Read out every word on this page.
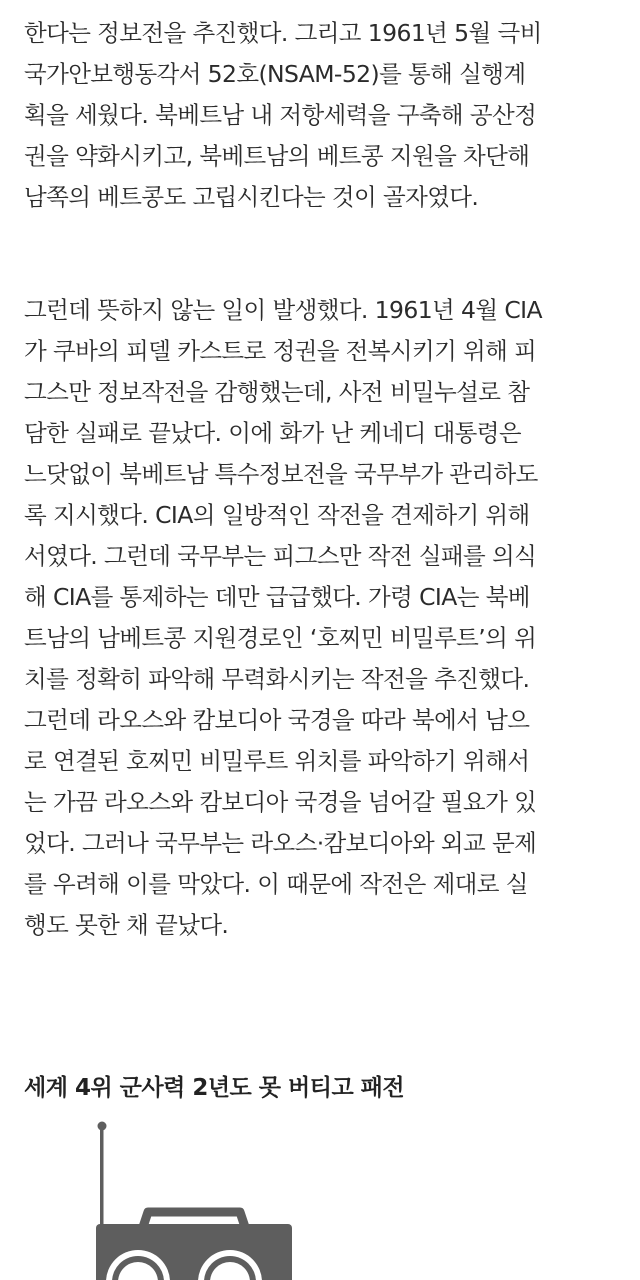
한다는 정보전을 추진했다. 그리고 1961년 5월 극비
국가안보행동각서 52호(NSAM-52)를 통해 실행계
획을 세웠다. 북베트남 내 저항세력을 구축해 공산정
권을 약화시키고, 북베트남의 베트콩 지원을 차단해
남쪽의 베트콩도 고립시킨다는 것이 골자였다.
그런데 뜻하지 않는 일이 발생했다. 1961년 4월 CIA
가 쿠바의 피델 카스트로 정권을 전복시키기 위해 피
그스만 정보작전을 감행했는데, 사전 비밀누설로 참
담한 실패로 끝났다. 이에 화가 난 케네디 대통령은
느닷없이 북베트남 특수정보전을 국무부가 관리하도
록 지시했다. CIA의 일방적인 작전을 견제하기 위해
서였다. 그런데 국무부는 피그스만 작전 실패를 의식
해 CIA를 통제하는 데만 급급했다. 가령 CIA는 북베
트남의 남베트콩 지원경로인 ‘호찌민 비밀루트’의 위
치를 정확히 파악해 무력화시키는 작전을 추진했다.
그런데 라오스와 캄보디아 국경을 따라 북에서 남으
로 연결된 호찌민 비밀루트 위치를 파악하기 위해서
는 가끔 라오스와 캄보디아 국경을 넘어갈 필요가 있
었다. 그러나 국무부는 라오스·캄보디아와 외교 문제
를 우려해 이를 막았다. 이 때문에 작전은 제대로 실
행도 못한 채 끝났다.
세계 4위 군사력 2년도 못 버티고 패전
